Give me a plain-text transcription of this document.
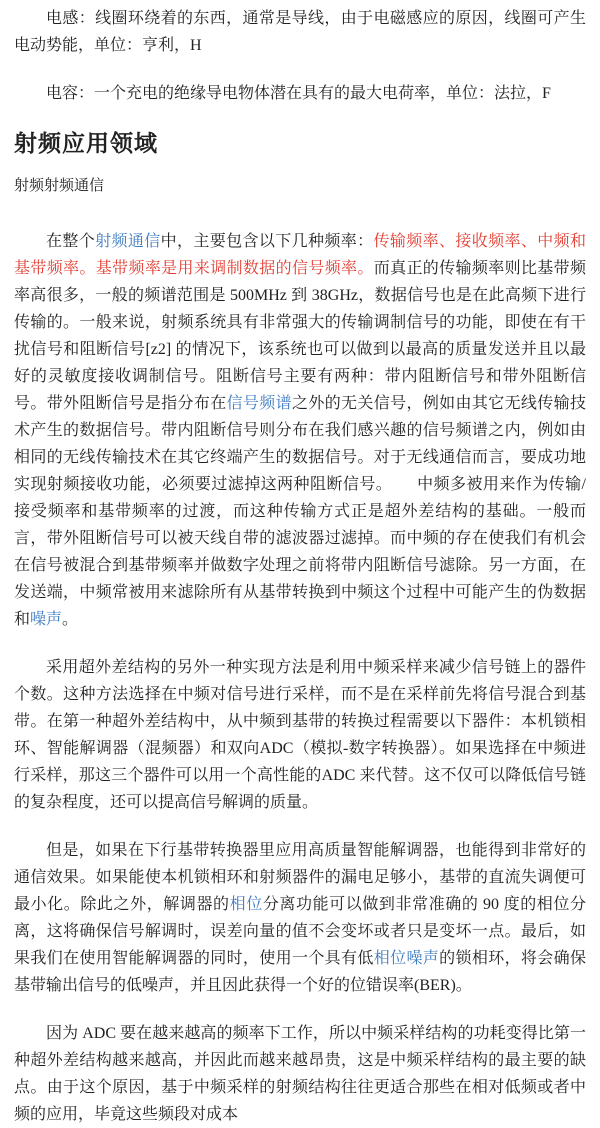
电感：线圈环绕着的东西，通常是导线，由于电磁感应的原因，线圈可产生电动势能，单位：亨利，H

电容：一个充电的绝缘导电物体潜在具有的最大电荷率，单位：法拉，F

射频应用领域
射频射频通信

在整个射频通信中，主要包含以下几种频率：传输频率、接收频率、中频和基带频率。基带频率是用来调制数据的信号频率。而真正的传输频率则比基带频率高很多，一般的频谱范围是 500MHz 到 38GHz，数据信号也是在此高频下进行传输的。一般来说，射频系统具有非常强大的传输调制信号的功能，即使在有干扰信号和阻断信号[z2] 的情况下，该系统也可以做到以最高的质量发送并且以最好的灵敏度接收调制信号。阻断信号主要有两种：带内阻断信号和带外阻断信号。带外阻断信号是指分布在信号频谱之外的无关信号，例如由其它无线传输技术产生的数据信号。带内阻断信号则分布在我们感兴趣的信号频谱之内，例如由相同的无线传输技术在其它终端产生的数据信号。对于无线通信而言，要成功地实现射频接收功能，必须要过滤掉这两种阻断信号。　　中频多被用来作为传输/接受频率和基带频率的过渡，而这种传输方式正是超外差结构的基础。一般而言，带外阻断信号可以被天线自带的滤波器过滤掉。而中频的存在使我们有机会在信号被混合到基带频率并做数字处理之前将带内阻断信号滤除。另一方面，在发送端，中频常被用来滤除所有从基带转换到中频这个过程中可能产生的伪数据和噪声。

采用超外差结构的另外一种实现方法是利用中频采样来减少信号链上的器件个数。这种方法选择在中频对信号进行采样，而不是在采样前先将信号混合到基带。在第一种超外差结构中，从中频到基带的转换过程需要以下器件：本机锁相环、智能解调器（混频器）和双向ADC（模拟-数字转换器）。如果选择在中频进行采样，那这三个器件可以用一个高性能的ADC 来代替。这不仅可以降低信号链的复杂程度，还可以提高信号解调的质量。

但是，如果在下行基带转换器里应用高质量智能解调器，也能得到非常好的通信效果。如果能使本机锁相环和射频器件的漏电足够小，基带的直流失调便可最小化。除此之外，解调器的相位分离功能可以做到非常准确的 90 度的相位分离，这将确保信号解调时，误差向量的值不会变坏或者只是变坏一点。最后，如果我们在使用智能解调器的同时，使用一个具有低相位噪声的锁相环，将会确保基带输出信号的低噪声，并且因此获得一个好的位错误率(BER)。

因为 ADC 要在越来越高的频率下工作，所以中频采样结构的功耗变得比第一种超外差结构越来越高，并因此而越来越昂贵，这是中频采样结构的最主要的缺点。由于这个原因，基于中频采样的射频结构往往更适合那些在相对低频或者中频的应用，毕竟这些频段对成本
